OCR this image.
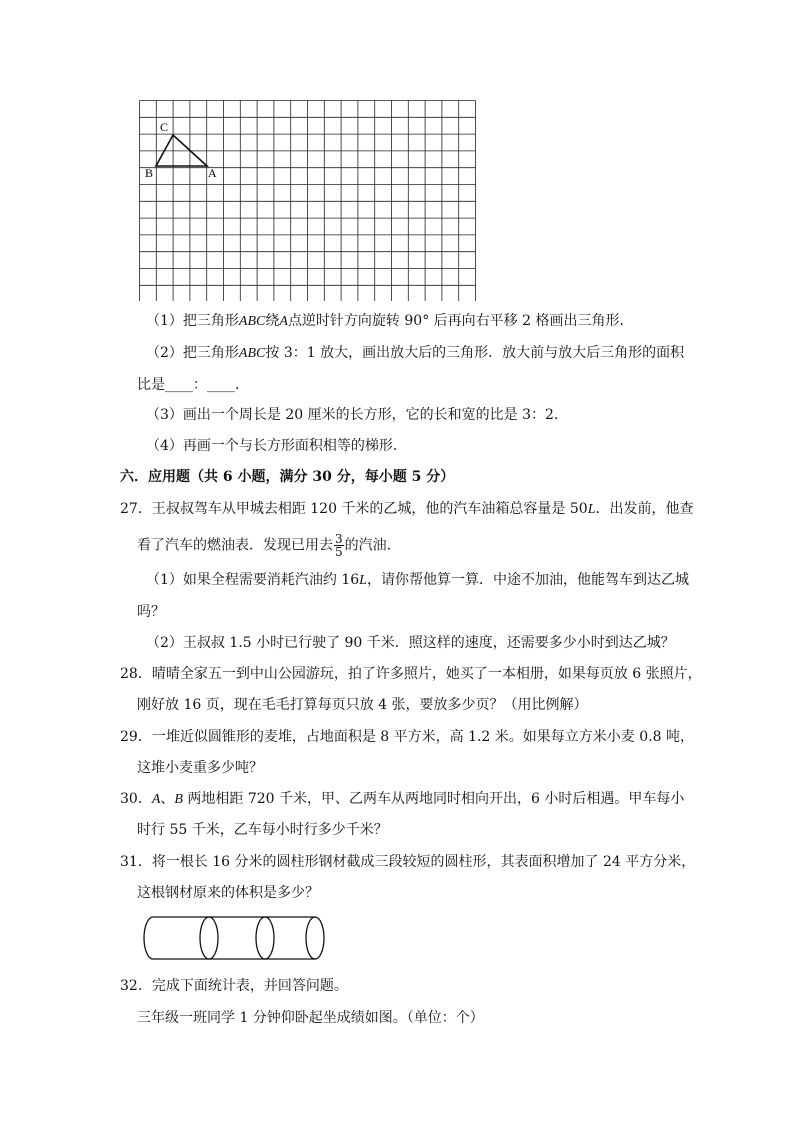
C
B	A
（1）把三角形ABC绕A点逆时针方向旋转 90° 后再向右平移 2 格画出三角形．
（2）把三角形ABC按 3：1 放大，画出放大后的三角形．放大前与放大后三角形的面积
比是____：____．
（3）画出一个周长是 20 厘米的长方形，它的长和宽的比是 3：2．
（4）再画一个与长方形面积相等的梯形．
六．应用题（共 6 小题，满分 30 分，每小题 5 分）
27．王叔叔驾车从甲城去相距 120 千米的乙城，他的汽车油箱总容量是 50L．出发前，他查
看了汽车的燃油表．发现已用去 $\frac{3}{5}$ 的汽油．
（1）如果全程需要消耗汽油约 16L，请你帮他算一算．中途不加油，他能驾车到达乙城
吗？
（2）王叔叔 1.5 小时已行驶了 90 千米．照这样的速度，还需要多少小时到达乙城？
28．晴晴全家五一到中山公园游玩，拍了许多照片，她买了一本相册，如果每页放 6 张照片，
刚好放 16 页，现在毛毛打算每页只放 4 张，要放多少页？（用比例解）
29．一堆近似圆锥形的麦堆，占地面积是 8 平方米，高 1.2 米。如果每立方米小麦 0.8 吨，
这堆小麦重多少吨？
30．A、B 两地相距 720 千米，甲、乙两车从两地同时相向开出，6 小时后相遇。甲车每小
时行 55 千米，乙车每小时行多少千米？
31．将一根长 16 分米的圆柱形钢材截成三段较短的圆柱形，其表面积增加了 24 平方分米，
这根钢材原来的体积是多少？
32．完成下面统计表，并回答问题。
三年级一班同学 1 分钟仰卧起坐成绩如图。（单位：个）
